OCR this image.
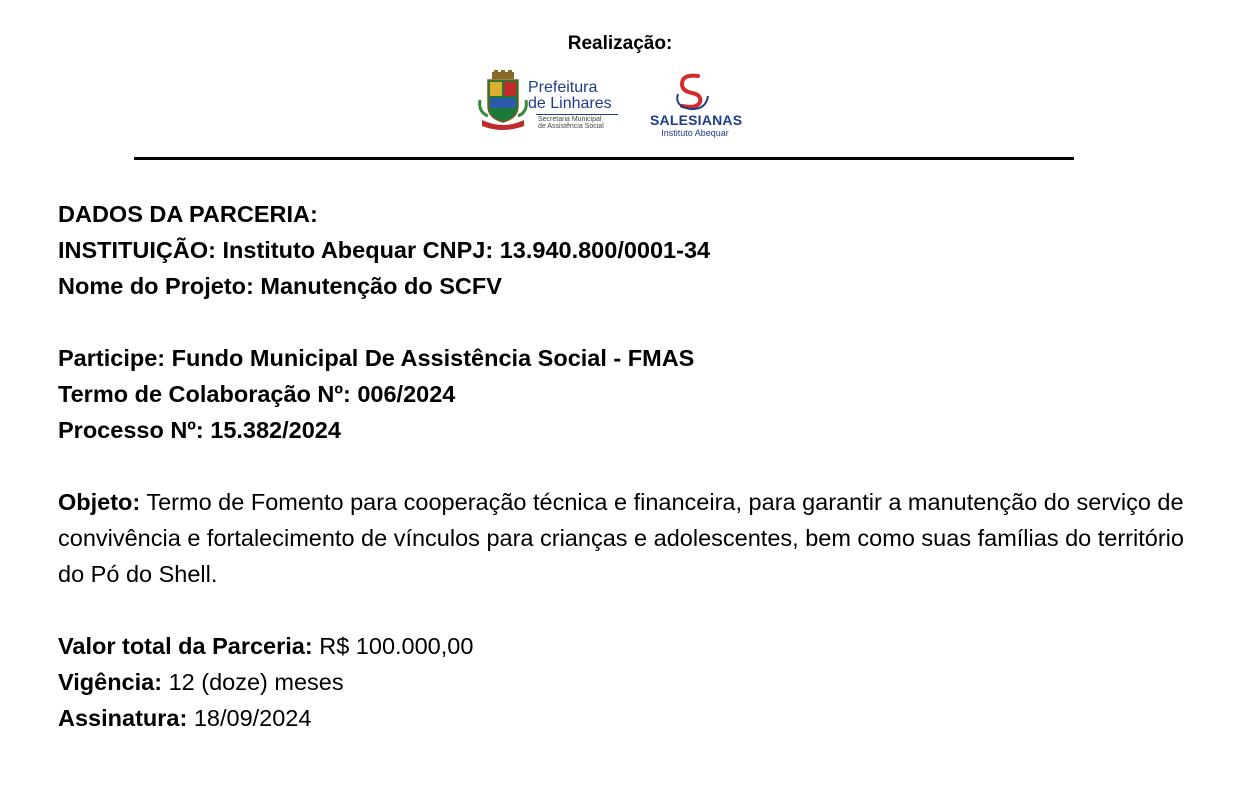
Realização:
Prefeitura
de Linhares
Secretaria Municipal
de Assistência Social	SALESIANAS
Instituto Abequar
DADOS DA PARCERIA:
INSTITUIÇÃO: Instituto Abequar CNPJ: 13.940.800/0001-34
Nome do Projeto: Manutenção do SCFV
Participe: Fundo Municipal De Assistência Social - FMAS
Termo de Colaboração Nº: 006/2024
Processo Nº: 15.382/2024
Objeto: Termo de Fomento para cooperação técnica e financeira, para garantir a manutenção do serviço de convivência e fortalecimento de vínculos para crianças e adolescentes, bem como suas famílias do território do Pó do Shell.
Valor total da Parceria: R$ 100.000,00
Vigência: 12 (doze) meses
Assinatura: 18/09/2024
